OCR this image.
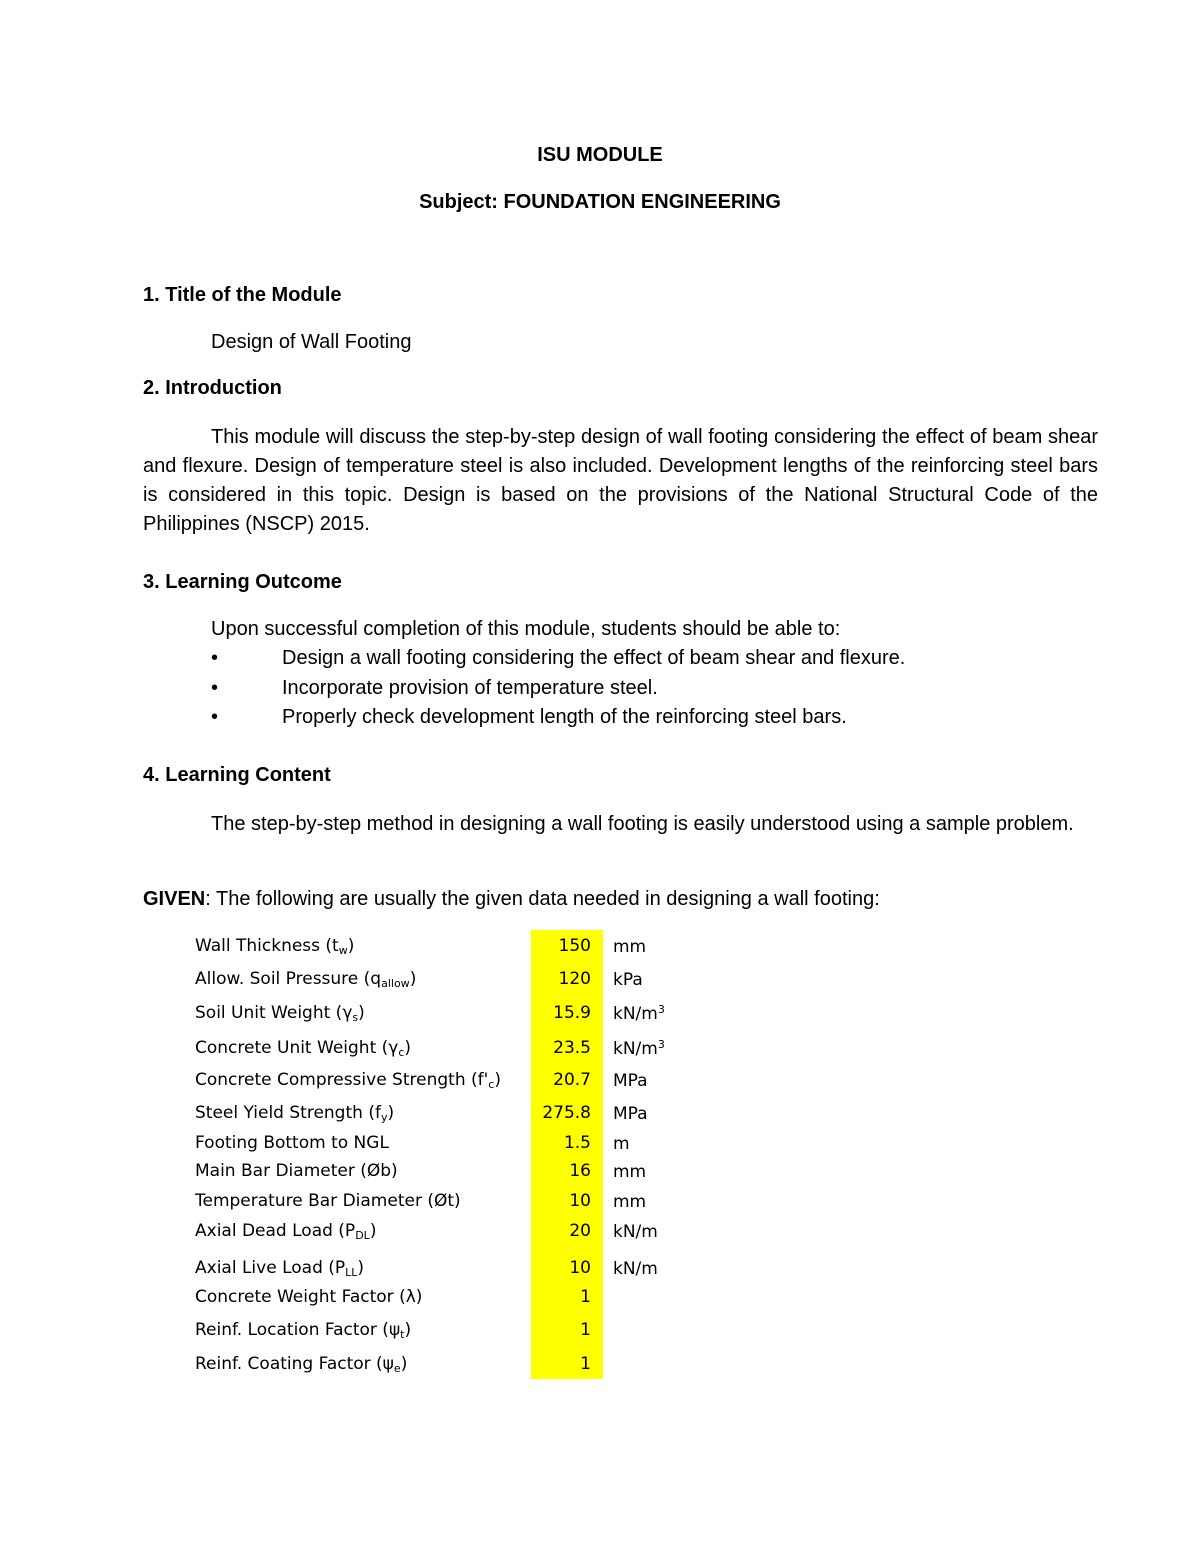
ISU MODULE
Subject: FOUNDATION ENGINEERING
1. Title of the Module
Design of Wall Footing
2. Introduction
This module will discuss the step-by-step design of wall footing considering the effect of beam shear and flexure. Design of temperature steel is also included. Development lengths of the reinforcing steel bars is considered in this topic. Design is based on the provisions of the National Structural Code of the Philippines (NSCP) 2015.
3. Learning Outcome
Upon successful completion of this module, students should be able to:
•	Design a wall footing considering the effect of beam shear and flexure.
•	Incorporate provision of temperature steel.
•	Properly check development length of the reinforcing steel bars.
4. Learning Content
The step-by-step method in designing a wall footing is easily understood using a sample problem.
GIVEN: The following are usually the given data needed in designing a wall footing:
Wall Thickness $(t_w)$	150 mm
Allow. Soil Pressure $(q_{allow})$	120 kPa
Soil Unit Weight $(\gamma_s)$	15.9 $kN/m^3$
Concrete Unit Weight $(\gamma_c)$	23.5 $kN/m^3$
Concrete Compressive Strength $(f'_c)$	20.7 MPa
Steel Yield Strength $(f_y)$	275.8 MPa
Footing Bottom to NGL	1.5 m
Main Bar Diameter (Øb)	16 mm
Temperature Bar Diameter (Øt)	10 mm
Axial Dead Load $(P_{DL})$	20 kN/m
Axial Live Load $(P_{LL})$	10 kN/m
Concrete Weight Factor (λ)	1
Reinf. Location Factor $(\psi_t)$	1
Reinf. Coating Factor $(\psi_e)$	1
